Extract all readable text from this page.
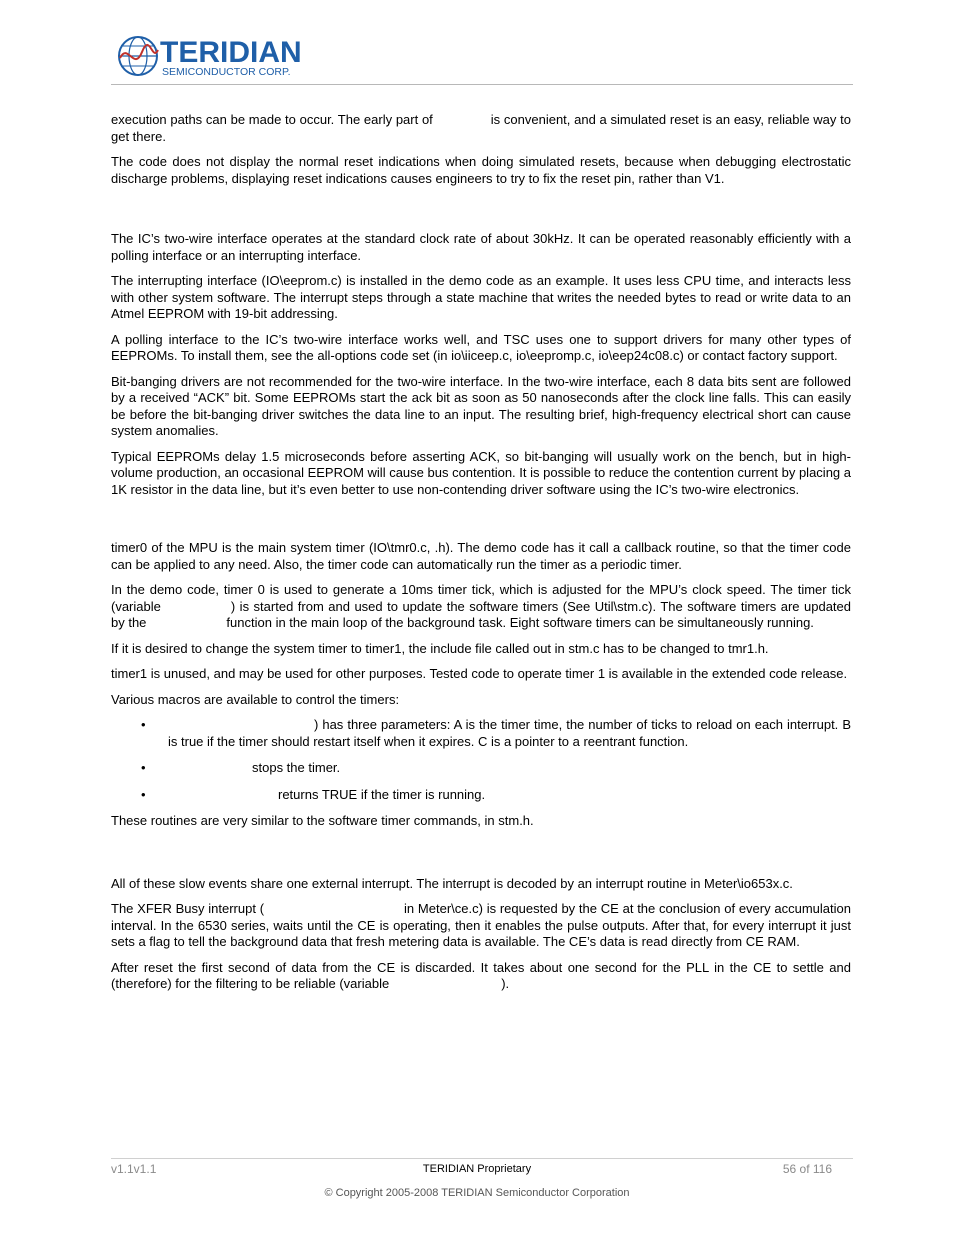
TERIDIAN
SEMICONDUCTOR CORP.

execution paths can be made to occur. The early part of	is convenient, and a simulated reset is an easy, reliable way to get there.

The code does not display the normal reset indications when doing simulated resets, because when debugging electrostatic discharge problems, displaying reset indications causes engineers to try to fix the reset pin, rather than V1.

The IC’s two-wire interface operates at the standard clock rate of about 30kHz. It can be operated reasonably efficiently with a polling interface or an interrupting interface.

The interrupting interface (IO\eeprom.c) is installed in the demo code as an example. It uses less CPU time, and interacts less with other system software. The interrupt steps through a state machine that writes the needed bytes to read or write data to an Atmel EEPROM with 19-bit addressing.

A polling interface to the IC’s two-wire interface works well, and TSC uses one to support drivers for many other types of EEPROMs. To install them, see the all-options code set (in io\iiceep.c, io\eepromp.c, io\eep24c08.c) or contact factory support.

Bit-banging drivers are not recommended for the two-wire interface. In the two-wire interface, each 8 data bits sent are followed by a received “ACK” bit. Some EEPROMs start the ack bit as soon as 50 nanoseconds after the clock line falls. This can easily be before the bit-banging driver switches the data line to an input. The resulting brief, high-frequency electrical short can cause system anomalies.

Typical EEPROMs delay 1.5 microseconds before asserting ACK, so bit-banging will usually work on the bench, but in high-volume production, an occasional EEPROM will cause bus contention. It is possible to reduce the contention current by placing a 1K resistor in the data line, but it’s even better to use non-contending driver software using the IC’s two-wire electronics.

timer0 of the MPU is the main system timer (IO\tmr0.c, .h). The demo code has it call a callback routine, so that the timer code can be applied to any need. Also, the timer code can automatically run the timer as a periodic timer.

In the demo code, timer 0 is used to generate a 10ms timer tick, which is adjusted for the MPU’s clock speed. The timer tick (variable	) is started from and used to update the software timers (See Util\stm.c). The software timers are updated by the	function in the main loop of the background task. Eight software timers can be simultaneously running.

If it is desired to change the system timer to timer1, the include file called out in stm.c has to be changed to tmr1.h.

timer1 is unused, and may be used for other purposes. Tested code to operate timer 1 is available in the extended code release.

Various macros are available to control the timers:

•	) has three parameters: A is the timer time, the number of ticks to reload on each interrupt. B is true if the timer should restart itself when it expires. C is a pointer to a reentrant function.
•	stops the timer.
•	returns TRUE if the timer is running.

These routines are very similar to the software timer commands, in stm.h.

All of these slow events share one external interrupt. The interrupt is decoded by an interrupt routine in Meter\io653x.c.

The XFER Busy interrupt (	in Meter\ce.c) is requested by the CE at the conclusion of every accumulation interval. In the 6530 series, waits until the CE is operating, then it enables the pulse outputs. After that, for every interrupt it just sets a flag to tell the background data that fresh metering data is available. The CE’s data is read directly from CE RAM.

After reset the first second of data from the CE is discarded. It takes about one second for the PLL in the CE to settle and (therefore) for the filtering to be reliable (variable	).

v1.1v1.1	TERIDIAN Proprietary	56 of 116
© Copyright 2005-2008 TERIDIAN Semiconductor Corporation
